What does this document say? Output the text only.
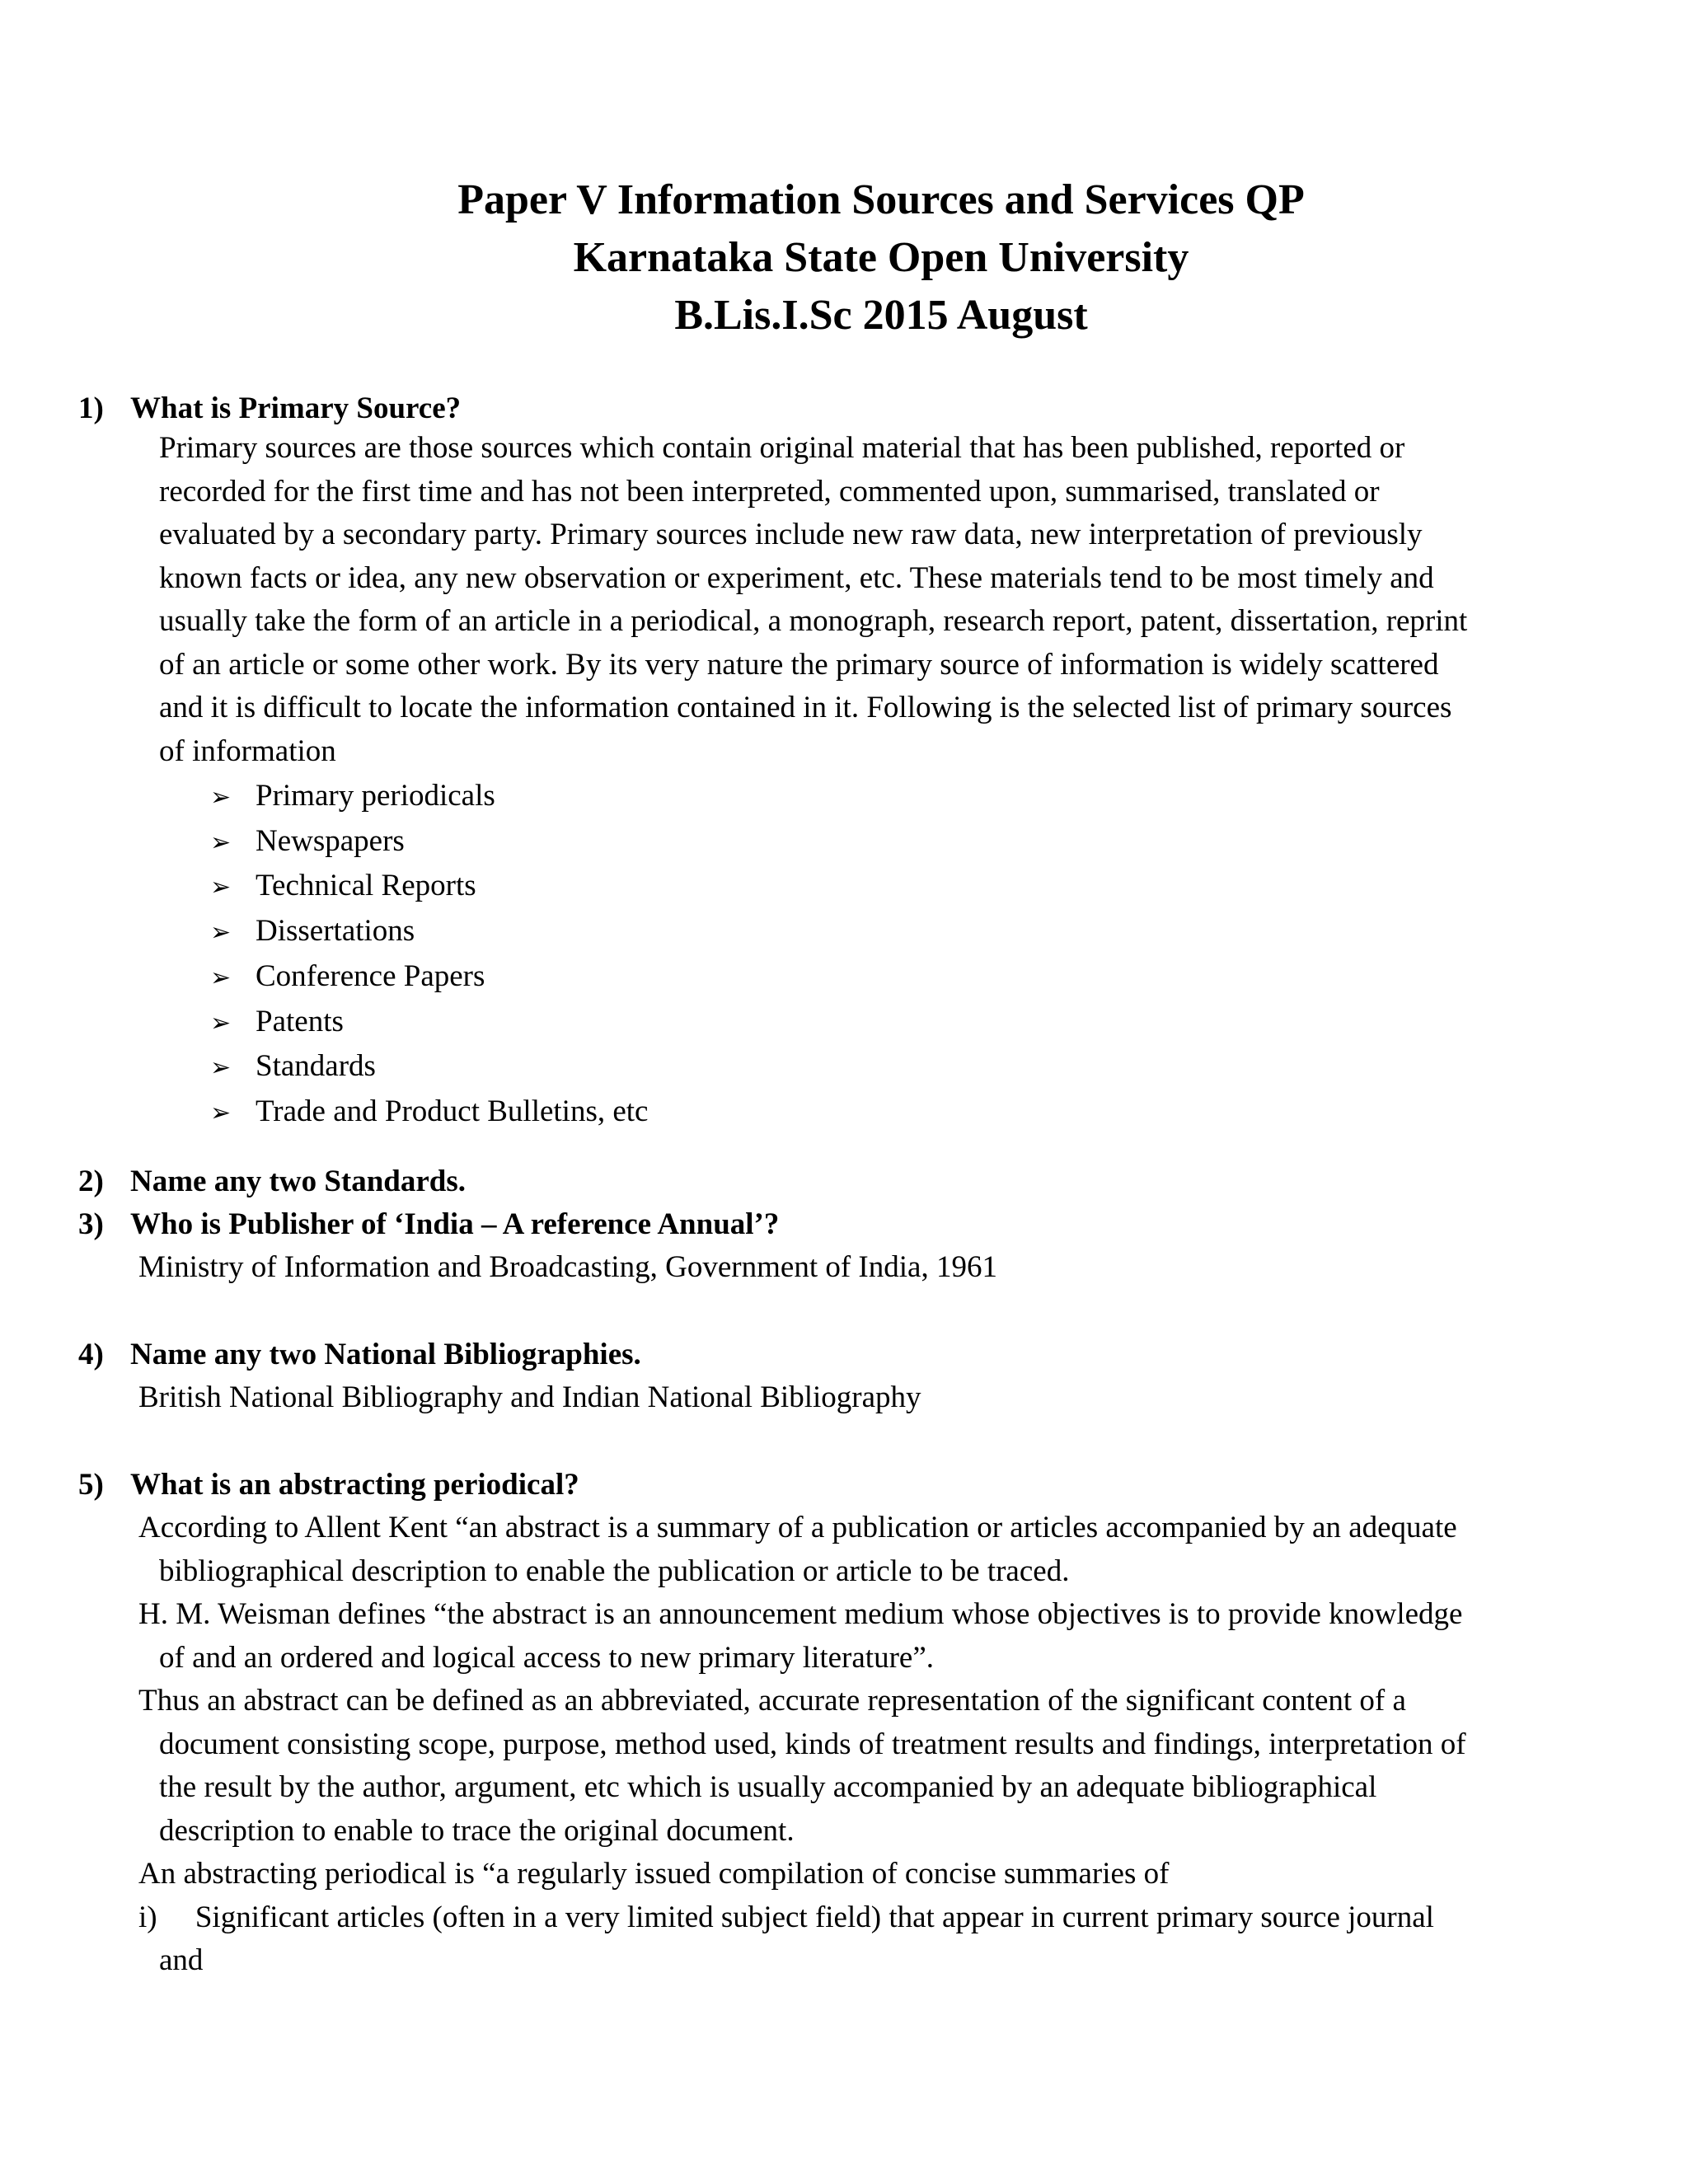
Paper V Information Sources and Services QP
Karnataka State Open University
B.Lis.I.Sc 2015 August

1) What is Primary Source?

Primary sources are those sources which contain original material that has been published, reported or
recorded for the first time and has not been interpreted, commented upon, summarised, translated or
evaluated by a secondary party. Primary sources include new raw data, new interpretation of previously
known facts or idea, any new observation or experiment, etc. These materials tend to be most timely and
usually take the form of an article in a periodical, a monograph, research report, patent, dissertation, reprint
of an article or some other work. By its very nature the primary source of information is widely scattered
and it is difficult to locate the information contained in it. Following is the selected list of primary sources
of information
➢ Primary periodicals
➢ Newspapers
➢ Technical Reports
➢ Dissertations
➢ Conference Papers
➢ Patents
➢ Standards
➢ Trade and Product Bulletins, etc

2) Name any two Standards.

3) Who is Publisher of ‘India – A reference Annual’?

Ministry of Information and Broadcasting, Government of India, 1961

4) Name any two National Bibliographies.

British National Bibliography and Indian National Bibliography

5) What is an abstracting periodical?

According to Allent Kent “an abstract is a summary of a publication or articles accompanied by an adequate
bibliographical description to enable the publication or article to be traced.
H. M. Weisman defines “the abstract is an announcement medium whose objectives is to provide knowledge
of and an ordered and logical access to new primary literature”.
Thus an abstract can be defined as an abbreviated, accurate representation of the significant content of a
document consisting scope, purpose, method used, kinds of treatment results and findings, interpretation of
the result by the author, argument, etc which is usually accompanied by an adequate bibliographical
description to enable to trace the original document.
An abstracting periodical is “a regularly issued compilation of concise summaries of
i)     Significant articles (often in a very limited subject field) that appear in current primary source journal
and
